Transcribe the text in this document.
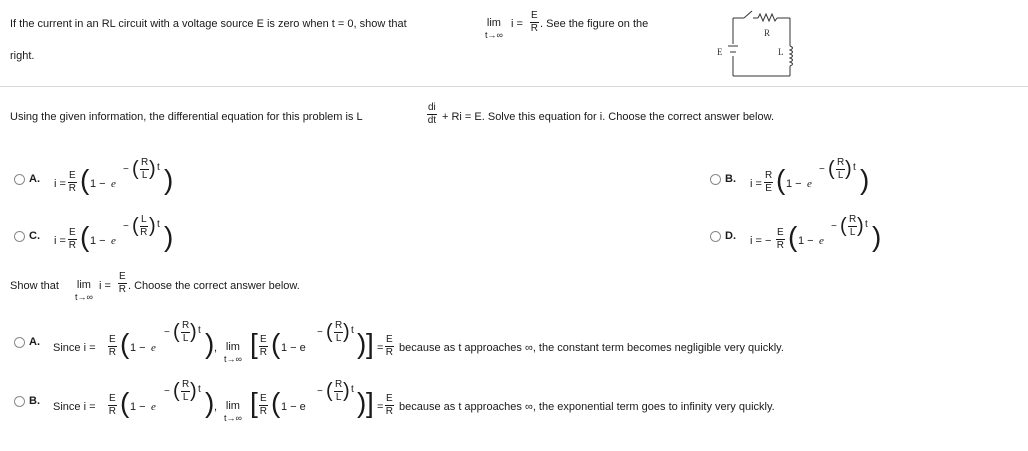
If the current in an RL circuit with a voltage source E is zero when t = 0, show that	lim
t→∞
$i = \frac{E}{R}$ . See the figure on the
right.	E
R
L
Using the given information, the differential equation for this problem is L	$\frac{di}{dt} + Ri = E$. Solve this equation for i. Choose the correct answer below.
A. $i = \frac{E}{R}$ ( 1 − e
− ( $\frac{R}{L}$ ) t )	B. $i = \frac{R}{E}$ ( 1 − e
− ( $\frac{R}{L}$ ) t )
C. $i = \frac{E}{R}$ ( 1 − e
− ( $\frac{L}{R}$ ) t )	D. i = − $\frac{E}{R}$ ( 1 − e
− ( $\frac{R}{L}$ ) t )
Show that lim
t→∞
$i = \frac{E}{R}$ . Choose the correct answer below.
A. Since $i = \frac{E}{R}$ ( 1 − e
− ( $\frac{R}{L}$ ) t ) , lim
t→∞ [ $\frac{E}{R}$ ( 1 − e
− ( $\frac{R}{L}$ ) t ) ] = $\frac{E}{R}$ because as t approaches ∞, the constant term becomes negligible very quickly.
B. Since $i = \frac{E}{R}$ ( 1 − e
− ( $\frac{R}{L}$ ) t ) , lim
t→∞ [ $\frac{E}{R}$ ( 1 − e
− ( $\frac{R}{L}$ ) t ) ] = $\frac{E}{R}$ because as t approaches ∞, the exponential term goes to infinity very quickly.
